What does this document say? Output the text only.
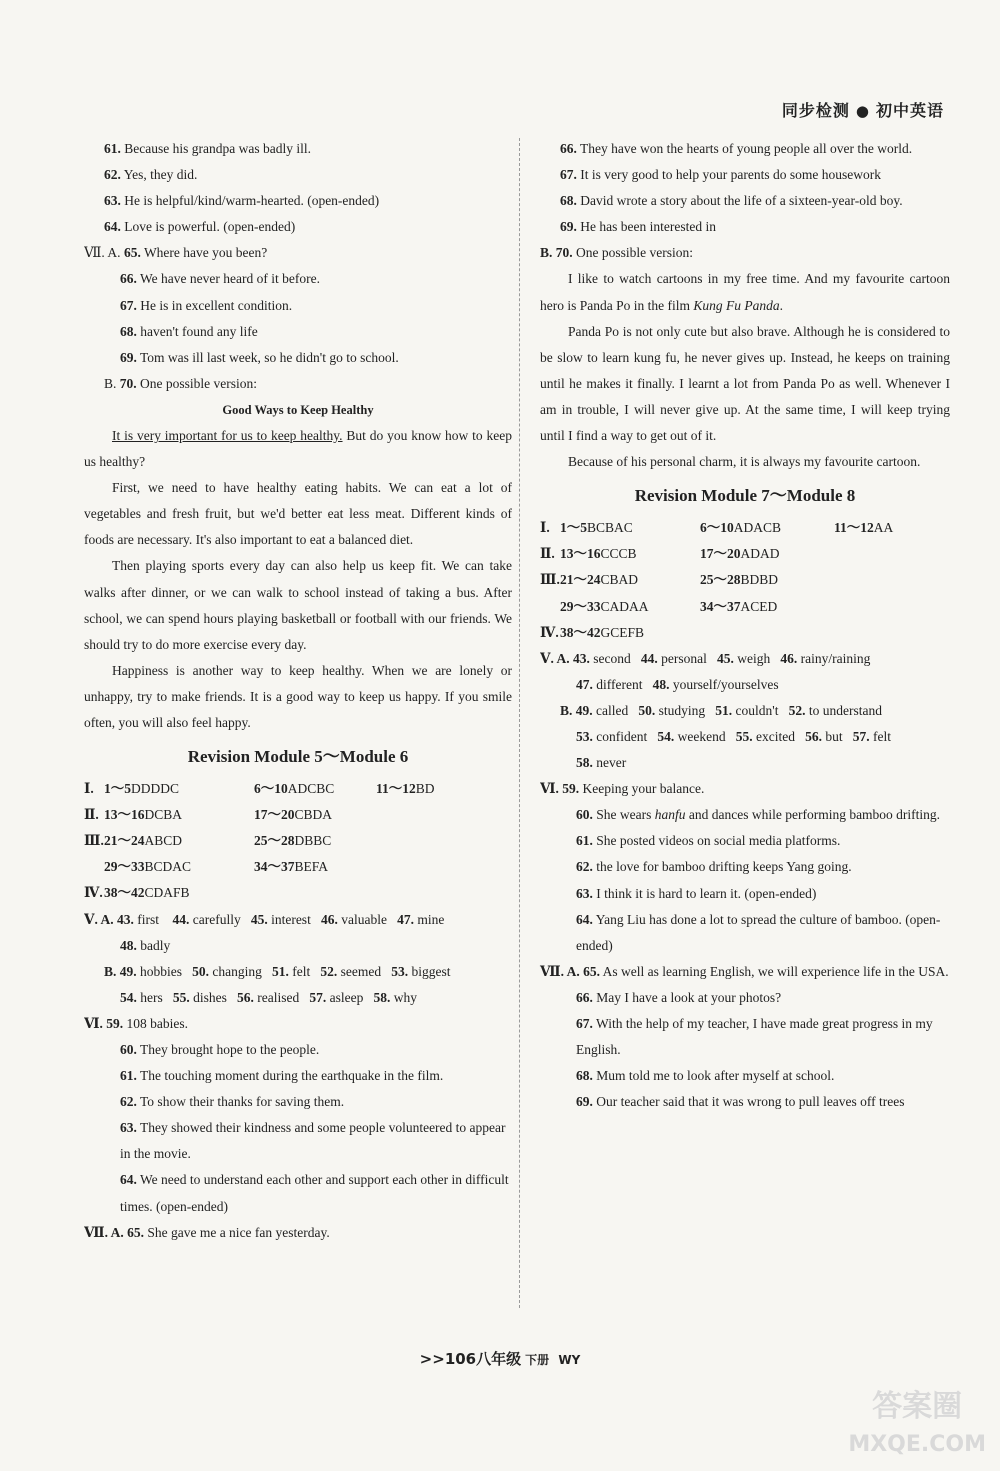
同步检测 ● 初中英语
61. Because his grandpa was badly ill.
62. Yes, they did.
63. He is helpful/kind/warm-hearted. (open-ended)
64. Love is powerful. (open-ended)
Ⅶ. A. 65. Where have you been?
66. We have never heard of it before.
67. He is in excellent condition.
68. haven't found any life
69. Tom was ill last week, so he didn't go to school.
B. 70. One possible version:
Good Ways to Keep Healthy
It is very important for us to keep healthy. But do you know how to keep us healthy?
First, we need to have healthy eating habits. We can eat a lot of vegetables and fresh fruit, but we'd better eat less meat. Different kinds of foods are necessary. It's also important to eat a balanced diet.
Then playing sports every day can also help us keep fit. We can take walks after dinner, or we can walk to school instead of taking a bus. After school, we can spend hours playing basketball or football with our friends. We should try to do more exercise every day.
Happiness is another way to keep healthy. When we are lonely or unhappy, try to make friends. It is a good way to keep us happy. If you smile often, you will also feel happy.
Revision Module 5～Module 6
Ⅰ. 1～5DDDDC	6～10ADCBC	11～12BD
Ⅱ. 13～16DCBA	17～20CBDA
Ⅲ. 21～24ABCD	25～28DBBC
29～33BCDAC	34～37BEFA
Ⅳ. 38～42CDAFB
Ⅴ. A. 43. first 44. carefully 45. interest 46. valuable 47. mine
48. badly
B. 49. hobbies 50. changing 51. felt 52. seemed 53. biggest
54. hers 55. dishes 56. realised 57. asleep 58. why
Ⅵ. 59. 108 babies.
60. They brought hope to the people.
61. The touching moment during the earthquake in the film.
62. To show their thanks for saving them.
63. They showed their kindness and some people volunteered to appear in the movie.
64. We need to understand each other and support each other in difficult times. (open-ended)
Ⅶ. A. 65. She gave me a nice fan yesterday.
66. They have won the hearts of young people all over the world.
67. It is very good to help your parents do some housework
68. David wrote a story about the life of a sixteen-year-old boy.
69. He has been interested in
B. 70. One possible version:
I like to watch cartoons in my free time. And my favourite cartoon hero is Panda Po in the film Kung Fu Panda.
Panda Po is not only cute but also brave. Although he is considered to be slow to learn kung fu, he never gives up. Instead, he keeps on training until he makes it finally. I learnt a lot from Panda Po as well. Whenever I am in trouble, I will never give up. At the same time, I will keep trying until I find a way to get out of it.
Because of his personal charm, it is always my favourite cartoon.
Revision Module 7～Module 8
Ⅰ. 1～5BCBAC	6～10ADACB	11～12AA
Ⅱ. 13～16CCCB	17～20ADAD
Ⅲ. 21～24CBAD	25～28BDBD
29～33CADAA	34～37ACED
Ⅳ. 38～42GCEFB
Ⅴ. A. 43. second 44. personal 45. weigh 46. rainy/raining
47. different 48. yourself/yourselves
B. 49. called 50. studying 51. couldn't 52. to understand
53. confident 54. weekend 55. excited 56. but 57. felt
58. never
Ⅵ. 59. Keeping your balance.
60. She wears hanfu and dances while performing bamboo drifting.
61. She posted videos on social media platforms.
62. the love for bamboo drifting keeps Yang going.
63. I think it is hard to learn it. (open-ended)
64. Yang Liu has done a lot to spread the culture of bamboo. (open-ended)
Ⅶ. A. 65. As well as learning English, we will experience life in the USA.
66. May I have a look at your photos?
67. With the help of my teacher, I have made great progress in my English.
68. Mum told me to look after myself at school.
69. Our teacher said that it was wrong to pull leaves off trees
>>106八年级 下册 WY
答案圈
MXQE.COM
